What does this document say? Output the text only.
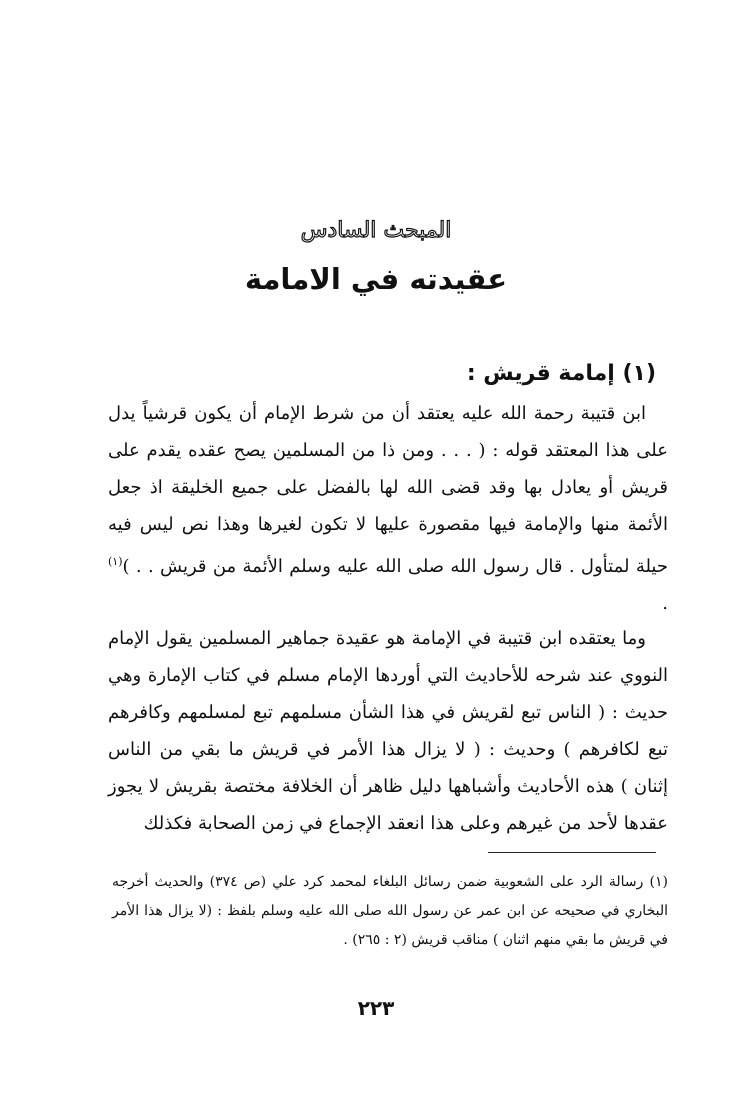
المبحث السادس
عقيدته في الامامة
(١) إمامة قريش :
ابن قتيبة رحمة الله عليه يعتقد أن من شرط الإمام أن يكون قرشياً يدل على هذا المعتقد قوله : ( . . . ومن ذا من المسلمين يصح عقده يقدم على قريش أو يعادل بها وقد قضى الله لها بالفضل على جميع الخليقة اذ جعل الأئمة منها والإمامة فيها مقصورة عليها لا تكون لغيرها وهذا نص ليس فيه حيلة لمتأول . قال رسول الله صلى الله عليه وسلم الأئمة من قريش . . )$^{(١)}$ .
وما يعتقده ابن قتيبة في الإمامة هو عقيدة جماهير المسلمين يقول الإمام النووي عند شرحه للأحاديث التي أوردها الإمام مسلم في كتاب الإمارة وهي حديث : ( الناس تبع لقريش في هذا الشأن مسلمهم تبع لمسلمهم وكافرهم تبع لكافرهم ) وحديث : ( لا يزال هذا الأمر في قريش ما بقي من الناس إثنان ) هذه الأحاديث وأشباهها دليل ظاهر أن الخلافة مختصة بقريش لا يجوز عقدها لأحد من غيرهم وعلى هذا انعقد الإجماع في زمن الصحابة فكذلك
(١) رسالة الرد على الشعوبية ضمن رسائل البلغاء لمحمد كرد علي (ص ٣٧٤) والحديث أخرجه البخاري في صحيحه عن ابن عمر عن رسول الله صلى الله عليه وسلم بلفظ : (لا يزال هذا الأمر في قريش ما بقي منهم اثنان ) مناقب قريش (٢ : ٢٦٥) .
٢٢٣
